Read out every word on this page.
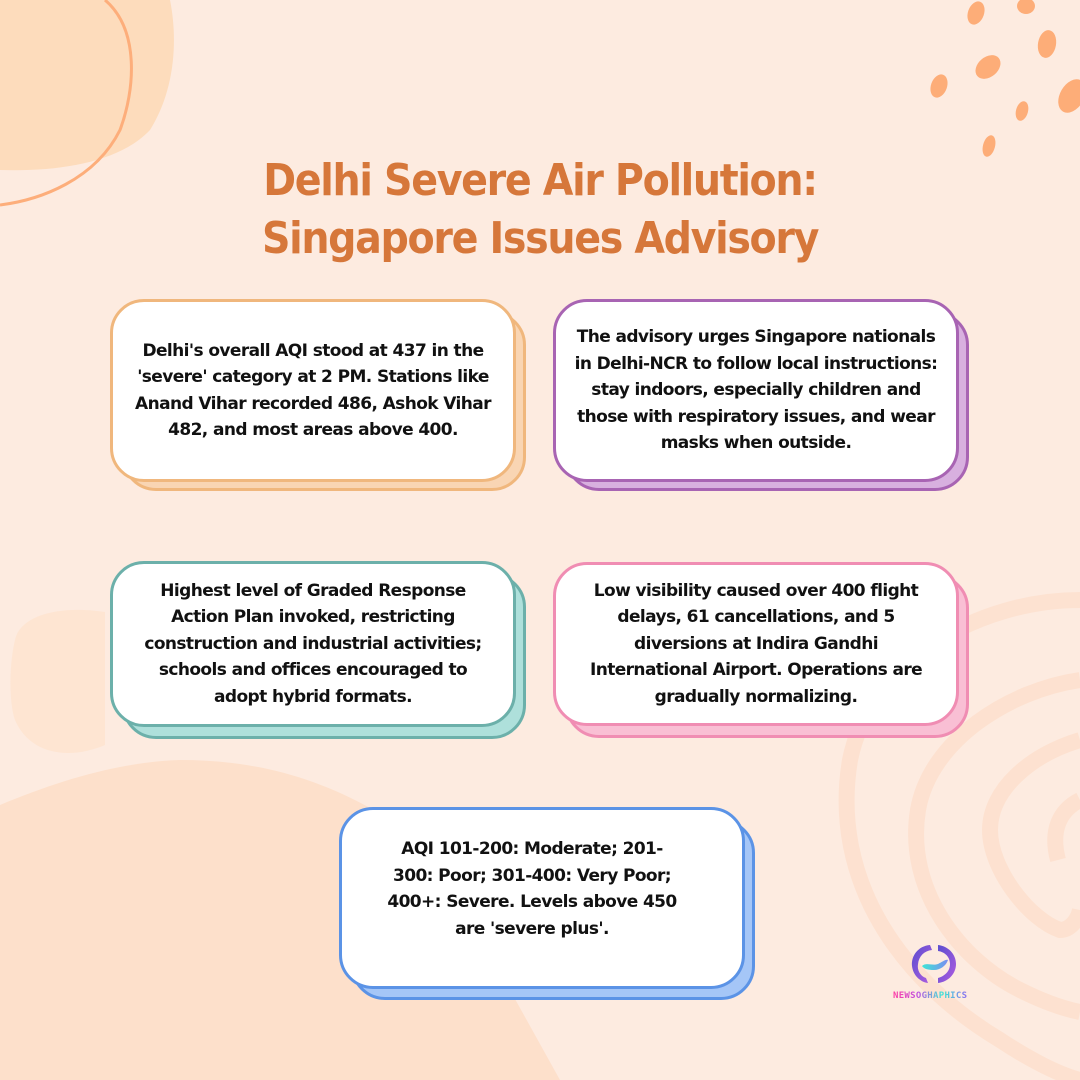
Delhi Severe Air Pollution:
Singapore Issues Advisory
Delhi's overall AQI stood at 437 in the 'severe' category at 2 PM. Stations like Anand Vihar recorded 486, Ashok Vihar 482, and most areas above 400.
The advisory urges Singapore nationals in Delhi-NCR to follow local instructions: stay indoors, especially children and those with respiratory issues, and wear masks when outside.
Highest level of Graded Response Action Plan invoked, restricting construction and industrial activities; schools and offices encouraged to adopt hybrid formats.
Low visibility caused over 400 flight delays, 61 cancellations, and 5 diversions at Indira Gandhi International Airport. Operations are gradually normalizing.
AQI 101-200: Moderate; 201-300: Poor; 301-400: Very Poor; 400+: Severe. Levels above 450 are 'severe plus'.
NEWSOGHAPHICS
